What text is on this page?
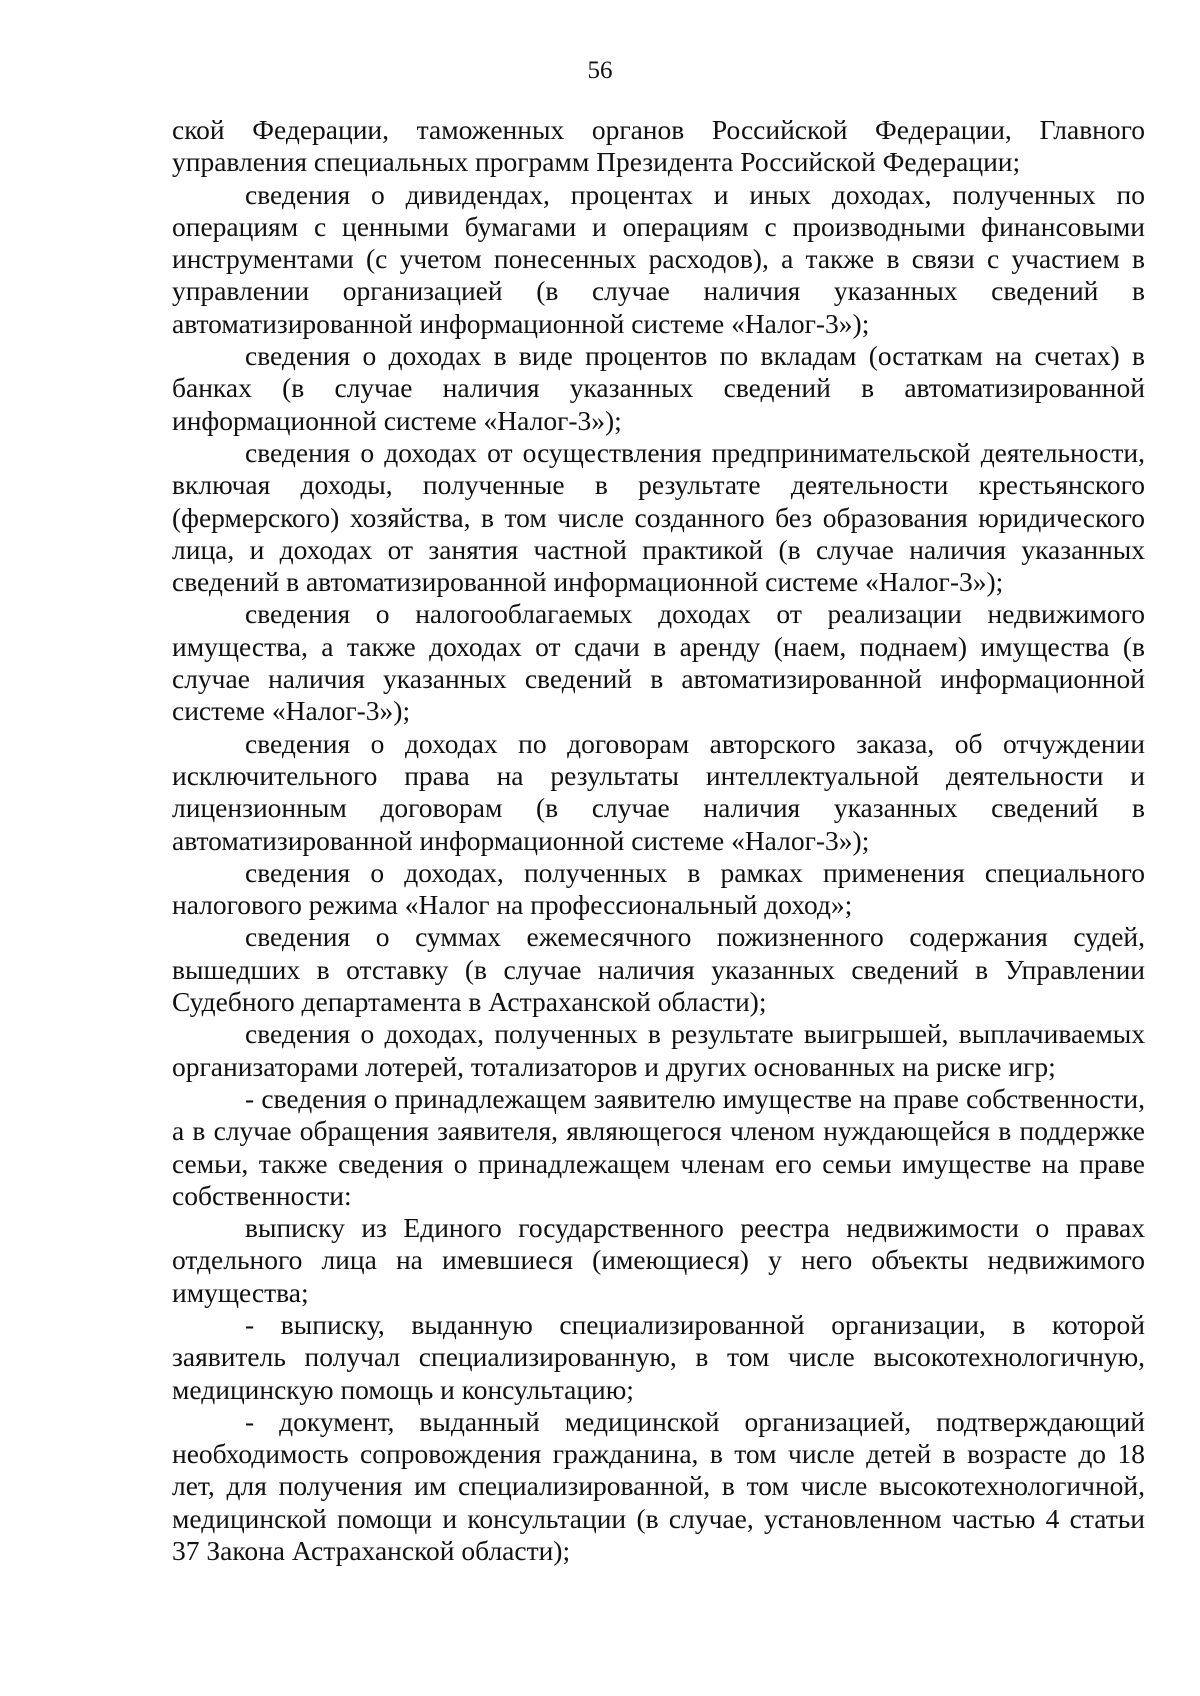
56

ской Федерации, таможенных органов Российской Федерации, Главного управления специальных программ Президента Российской Федерации;

сведения о дивидендах, процентах и иных доходах, полученных по операциям с ценными бумагами и операциям с производными финансовыми инструментами (с учетом понесенных расходов), а также в связи с участием в управлении организацией (в случае наличия указанных сведений в автоматизированной информационной системе «Налог-3»);

сведения о доходах в виде процентов по вкладам (остаткам на счетах) в банках (в случае наличия указанных сведений в автоматизированной информационной системе «Налог-3»);

сведения о доходах от осуществления предпринимательской деятельности, включая доходы, полученные в результате деятельности крестьянского (фермерского) хозяйства, в том числе созданного без образования юридического лица, и доходах от занятия частной практикой (в случае наличия указанных сведений в автоматизированной информационной системе «Налог-3»);

сведения о налогооблагаемых доходах от реализации недвижимого имущества, а также доходах от сдачи в аренду (наем, поднаем) имущества (в случае наличия указанных сведений в автоматизированной информационной системе «Налог-3»);

сведения о доходах по договорам авторского заказа, об отчуждении исключительного права на результаты интеллектуальной деятельности и лицензионным договорам (в случае наличия указанных сведений в автоматизированной информационной системе «Налог-3»);

сведения о доходах, полученных в рамках применения специального налогового режима «Налог на профессиональный доход»;

сведения о суммах ежемесячного пожизненного содержания судей, вышедших в отставку (в случае наличия указанных сведений в Управлении Судебного департамента в Астраханской области);

сведения о доходах, полученных в результате выигрышей, выплачиваемых организаторами лотерей, тотализаторов и других основанных на риске игр;

- сведения о принадлежащем заявителю имуществе на праве собственности, а в случае обращения заявителя, являющегося членом нуждающейся в поддержке семьи, также сведения о принадлежащем членам его семьи имуществе на праве собственности:

выписку из Единого государственного реестра недвижимости о правах отдельного лица на имевшиеся (имеющиеся) у него объекты недвижимого имущества;

- выписку, выданную специализированной организации, в которой заявитель получал специализированную, в том числе высокотехнологичную, медицинскую помощь и консультацию;

- документ, выданный медицинской организацией, подтверждающий необходимость сопровождения гражданина, в том числе детей в возрасте до 18 лет, для получения им специализированной, в том числе высокотехнологичной, медицинской помощи и консультации (в случае, установленном частью 4 статьи 37 Закона Астраханской области);
